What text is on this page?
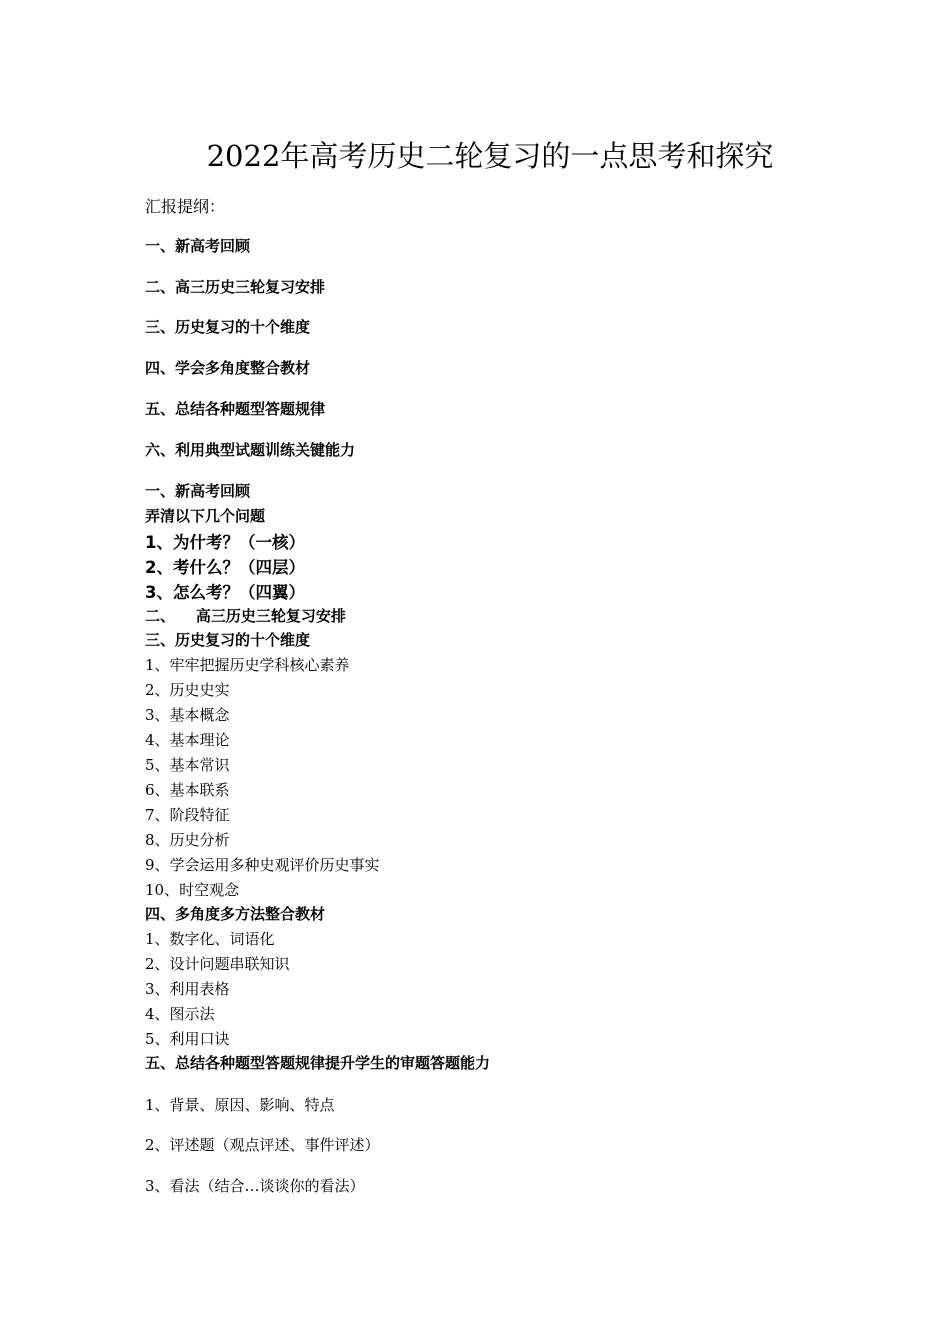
2022年高考历史二轮复习的一点思考和探究
汇报提纲：
一、新高考回顾
二、高三历史三轮复习安排
三、历史复习的十个维度
四、学会多角度整合教材
五、总结各种题型答题规律
六、利用典型试题训练关键能力
一、新高考回顾
弄清以下几个问题
1、为什考？（一核）
2、考什么？（四层）
3、怎么考？（四翼）
二、    高三历史三轮复习安排
三、历史复习的十个维度
1、牢牢把握历史学科核心素养
2、历史史实
3、基本概念
4、基本理论
5、基本常识
6、基本联系
7、阶段特征
8、历史分析
9、学会运用多种史观评价历史事实
10、时空观念
四、多角度多方法整合教材
1、数字化、词语化
2、设计问题串联知识
3、利用表格
4、图示法
5、利用口诀
五、总结各种题型答题规律提升学生的审题答题能力
1、背景、原因、影响、特点
2、评述题（观点评述、事件评述）
3、看法（结合…谈谈你的看法）
